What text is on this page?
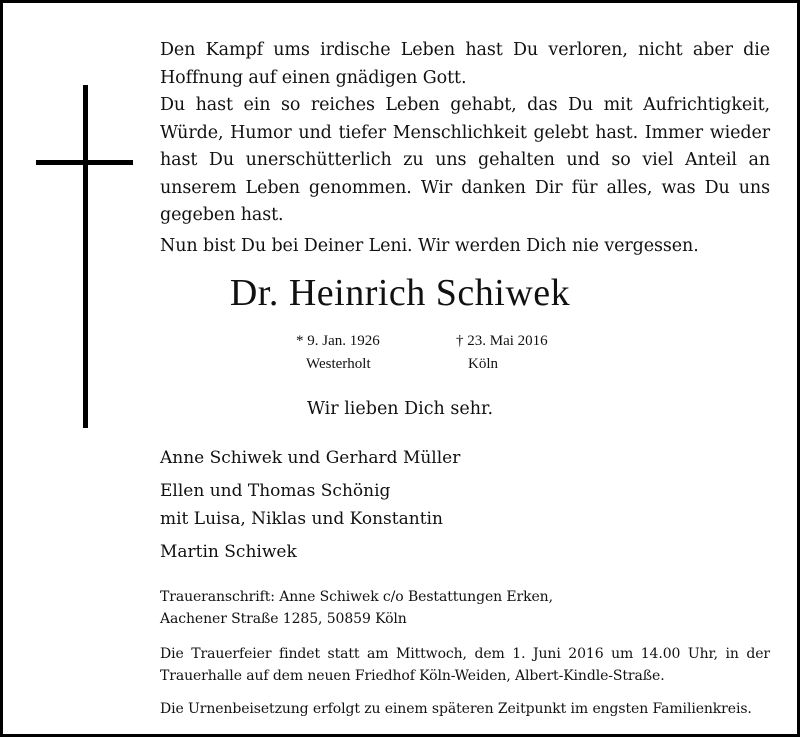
Den Kampf ums irdische Leben hast Du verloren, nicht aber die Hoffnung auf einen gnädigen Gott.

Du hast ein so reiches Leben gehabt, das Du mit Aufrichtigkeit, Würde, Humor und tiefer Menschlichkeit gelebt hast. Immer wieder hast Du unerschütterlich zu uns gehalten und so viel Anteil an unserem Leben genommen. Wir danken Dir für alles, was Du uns gegeben hast.

Nun bist Du bei Deiner Leni. Wir werden Dich nie vergessen.

Dr. Heinrich Schiwek
* 9. Jan. 1926
Westerholt
† 23. Mai 2016
Köln
Wir lieben Dich sehr.
Anne Schiwek und Gerhard Müller
Ellen und Thomas Schönig
mit Luisa, Niklas und Konstantin
Martin Schiwek
Traueranschrift: Anne Schiwek c/o Bestattungen Erken,
Aachener Straße 1285, 50859 Köln
Die Trauerfeier findet statt am Mittwoch, dem 1. Juni 2016 um 14.00 Uhr, in der Trauerhalle auf dem neuen Friedhof Köln-Weiden, Albert-Kindle-Straße.
Die Urnenbeisetzung erfolgt zu einem späteren Zeitpunkt im engsten Familienkreis.
